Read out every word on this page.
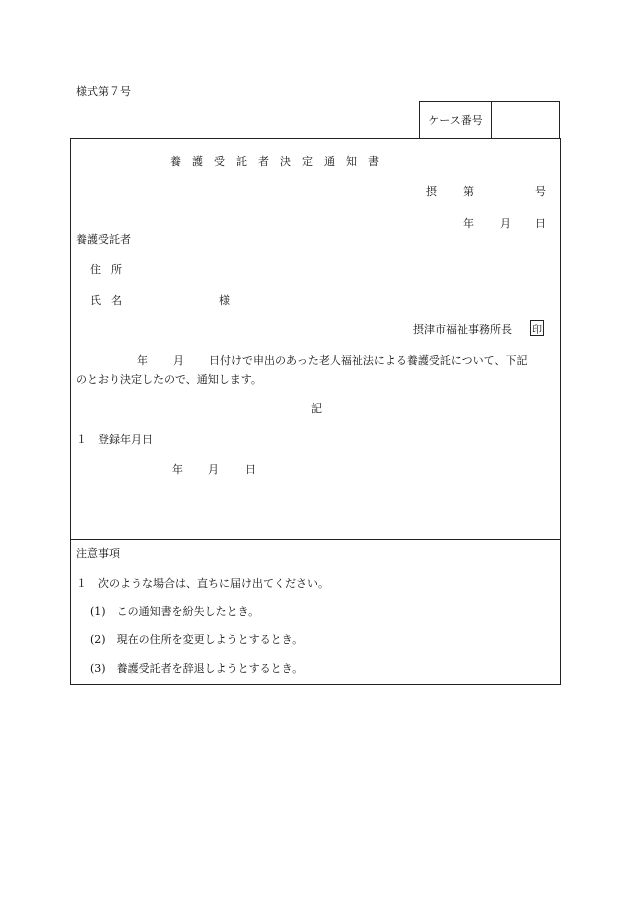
様式第７号
ケース番号
養護受託者決定通知書
摂 第	号
年 月 日
養護受託者
住所
氏名	様
摂津市福祉事務所長 印
年 月 日付けで申出のあった老人福祉法による養護受託について、下記
のとおり決定したので、通知します。
記
１　登録年月日
年 月 日
注意事項
１　次のような場合は、直ちに届け出てください。
(1)　この通知書を紛失したとき。
(2)　現在の住所を変更しようとするとき。
(3)　養護受託者を辞退しようとするとき。
